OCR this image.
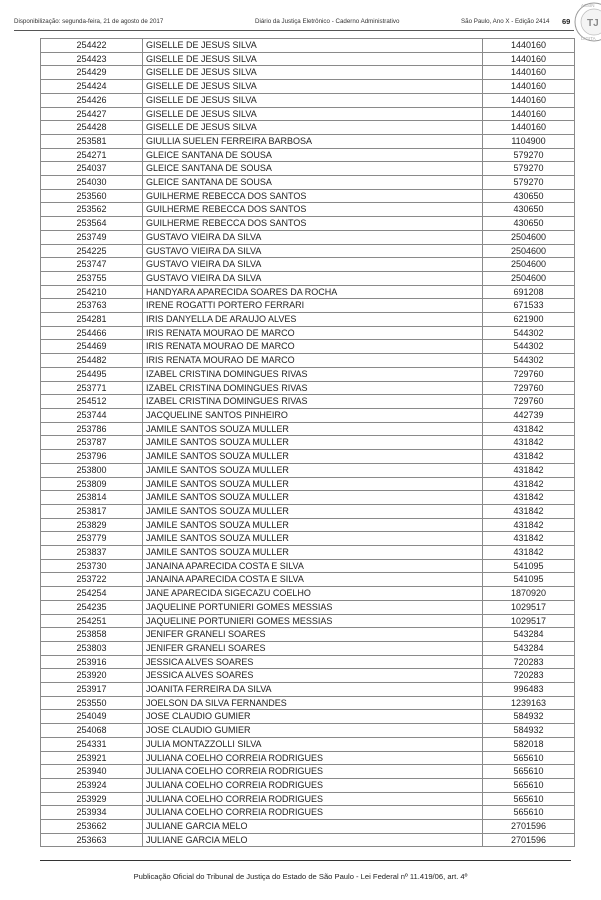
Disponibilização: segunda-feira, 21 de agosto de 2017	Diário da Justiça Eletrônico - Caderno Administrativo	São Paulo, Ano X - Edição 2414 69 TJ
ASSIN
DIGITA
254422	GISELLE DE JESUS SILVA	1440160
254423	GISELLE DE JESUS SILVA	1440160
254429	GISELLE DE JESUS SILVA	1440160
254424	GISELLE DE JESUS SILVA	1440160
254426	GISELLE DE JESUS SILVA	1440160
254427	GISELLE DE JESUS SILVA	1440160
254428	GISELLE DE JESUS SILVA	1440160
253581	GIULLIA SUELEN FERREIRA BARBOSA	1104900
254271	GLEICE SANTANA DE SOUSA	579270
254037	GLEICE SANTANA DE SOUSA	579270
254030	GLEICE SANTANA DE SOUSA	579270
253560	GUILHERME REBECCA DOS SANTOS	430650
253562	GUILHERME REBECCA DOS SANTOS	430650
253564	GUILHERME REBECCA DOS SANTOS	430650
253749	GUSTAVO VIEIRA DA SILVA	2504600
254225	GUSTAVO VIEIRA DA SILVA	2504600
253747	GUSTAVO VIEIRA DA SILVA	2504600
253755	GUSTAVO VIEIRA DA SILVA	2504600
254210	HANDYARA APARECIDA SOARES DA ROCHA	691208
253763	IRENE ROGATTI PORTERO FERRARI	671533
254281	IRIS DANYELLA DE ARAUJO ALVES	621900
254466	IRIS RENATA MOURAO DE MARCO	544302
254469	IRIS RENATA MOURAO DE MARCO	544302
254482	IRIS RENATA MOURAO DE MARCO	544302
254495	IZABEL CRISTINA DOMINGUES RIVAS	729760
253771	IZABEL CRISTINA DOMINGUES RIVAS	729760
254512	IZABEL CRISTINA DOMINGUES RIVAS	729760
253744	JACQUELINE SANTOS PINHEIRO	442739
253786	JAMILE SANTOS SOUZA MULLER	431842
253787	JAMILE SANTOS SOUZA MULLER	431842
253796	JAMILE SANTOS SOUZA MULLER	431842
253800	JAMILE SANTOS SOUZA MULLER	431842
253809	JAMILE SANTOS SOUZA MULLER	431842
253814	JAMILE SANTOS SOUZA MULLER	431842
253817	JAMILE SANTOS SOUZA MULLER	431842
253829	JAMILE SANTOS SOUZA MULLER	431842
253779	JAMILE SANTOS SOUZA MULLER	431842
253837	JAMILE SANTOS SOUZA MULLER	431842
253730	JANAINA APARECIDA COSTA E SILVA	541095
253722	JANAINA APARECIDA COSTA E SILVA	541095
254254	JANE APARECIDA SIGECAZU COELHO	1870920
254235	JAQUELINE PORTUNIERI GOMES MESSIAS	1029517
254251	JAQUELINE PORTUNIERI GOMES MESSIAS	1029517
253858	JENIFER GRANELI SOARES	543284
253803	JENIFER GRANELI SOARES	543284
253916	JESSICA ALVES SOARES	720283
253920	JESSICA ALVES SOARES	720283
253917	JOANITA FERREIRA DA SILVA	996483
253550	JOELSON DA SILVA FERNANDES	1239163
254049	JOSE CLAUDIO GUMIER	584932
254068	JOSE CLAUDIO GUMIER	584932
254331	JULIA MONTAZZOLLI SILVA	582018
253921	JULIANA COELHO CORREIA RODRIGUES	565610
253940	JULIANA COELHO CORREIA RODRIGUES	565610
253924	JULIANA COELHO CORREIA RODRIGUES	565610
253929	JULIANA COELHO CORREIA RODRIGUES	565610
253934	JULIANA COELHO CORREIA RODRIGUES	565610
253662	JULIANE GARCIA MELO	2701596
253663	JULIANE GARCIA MELO	2701596
Publicação Oficial do Tribunal de Justiça do Estado de São Paulo - Lei Federal nº 11.419/06, art. 4º
